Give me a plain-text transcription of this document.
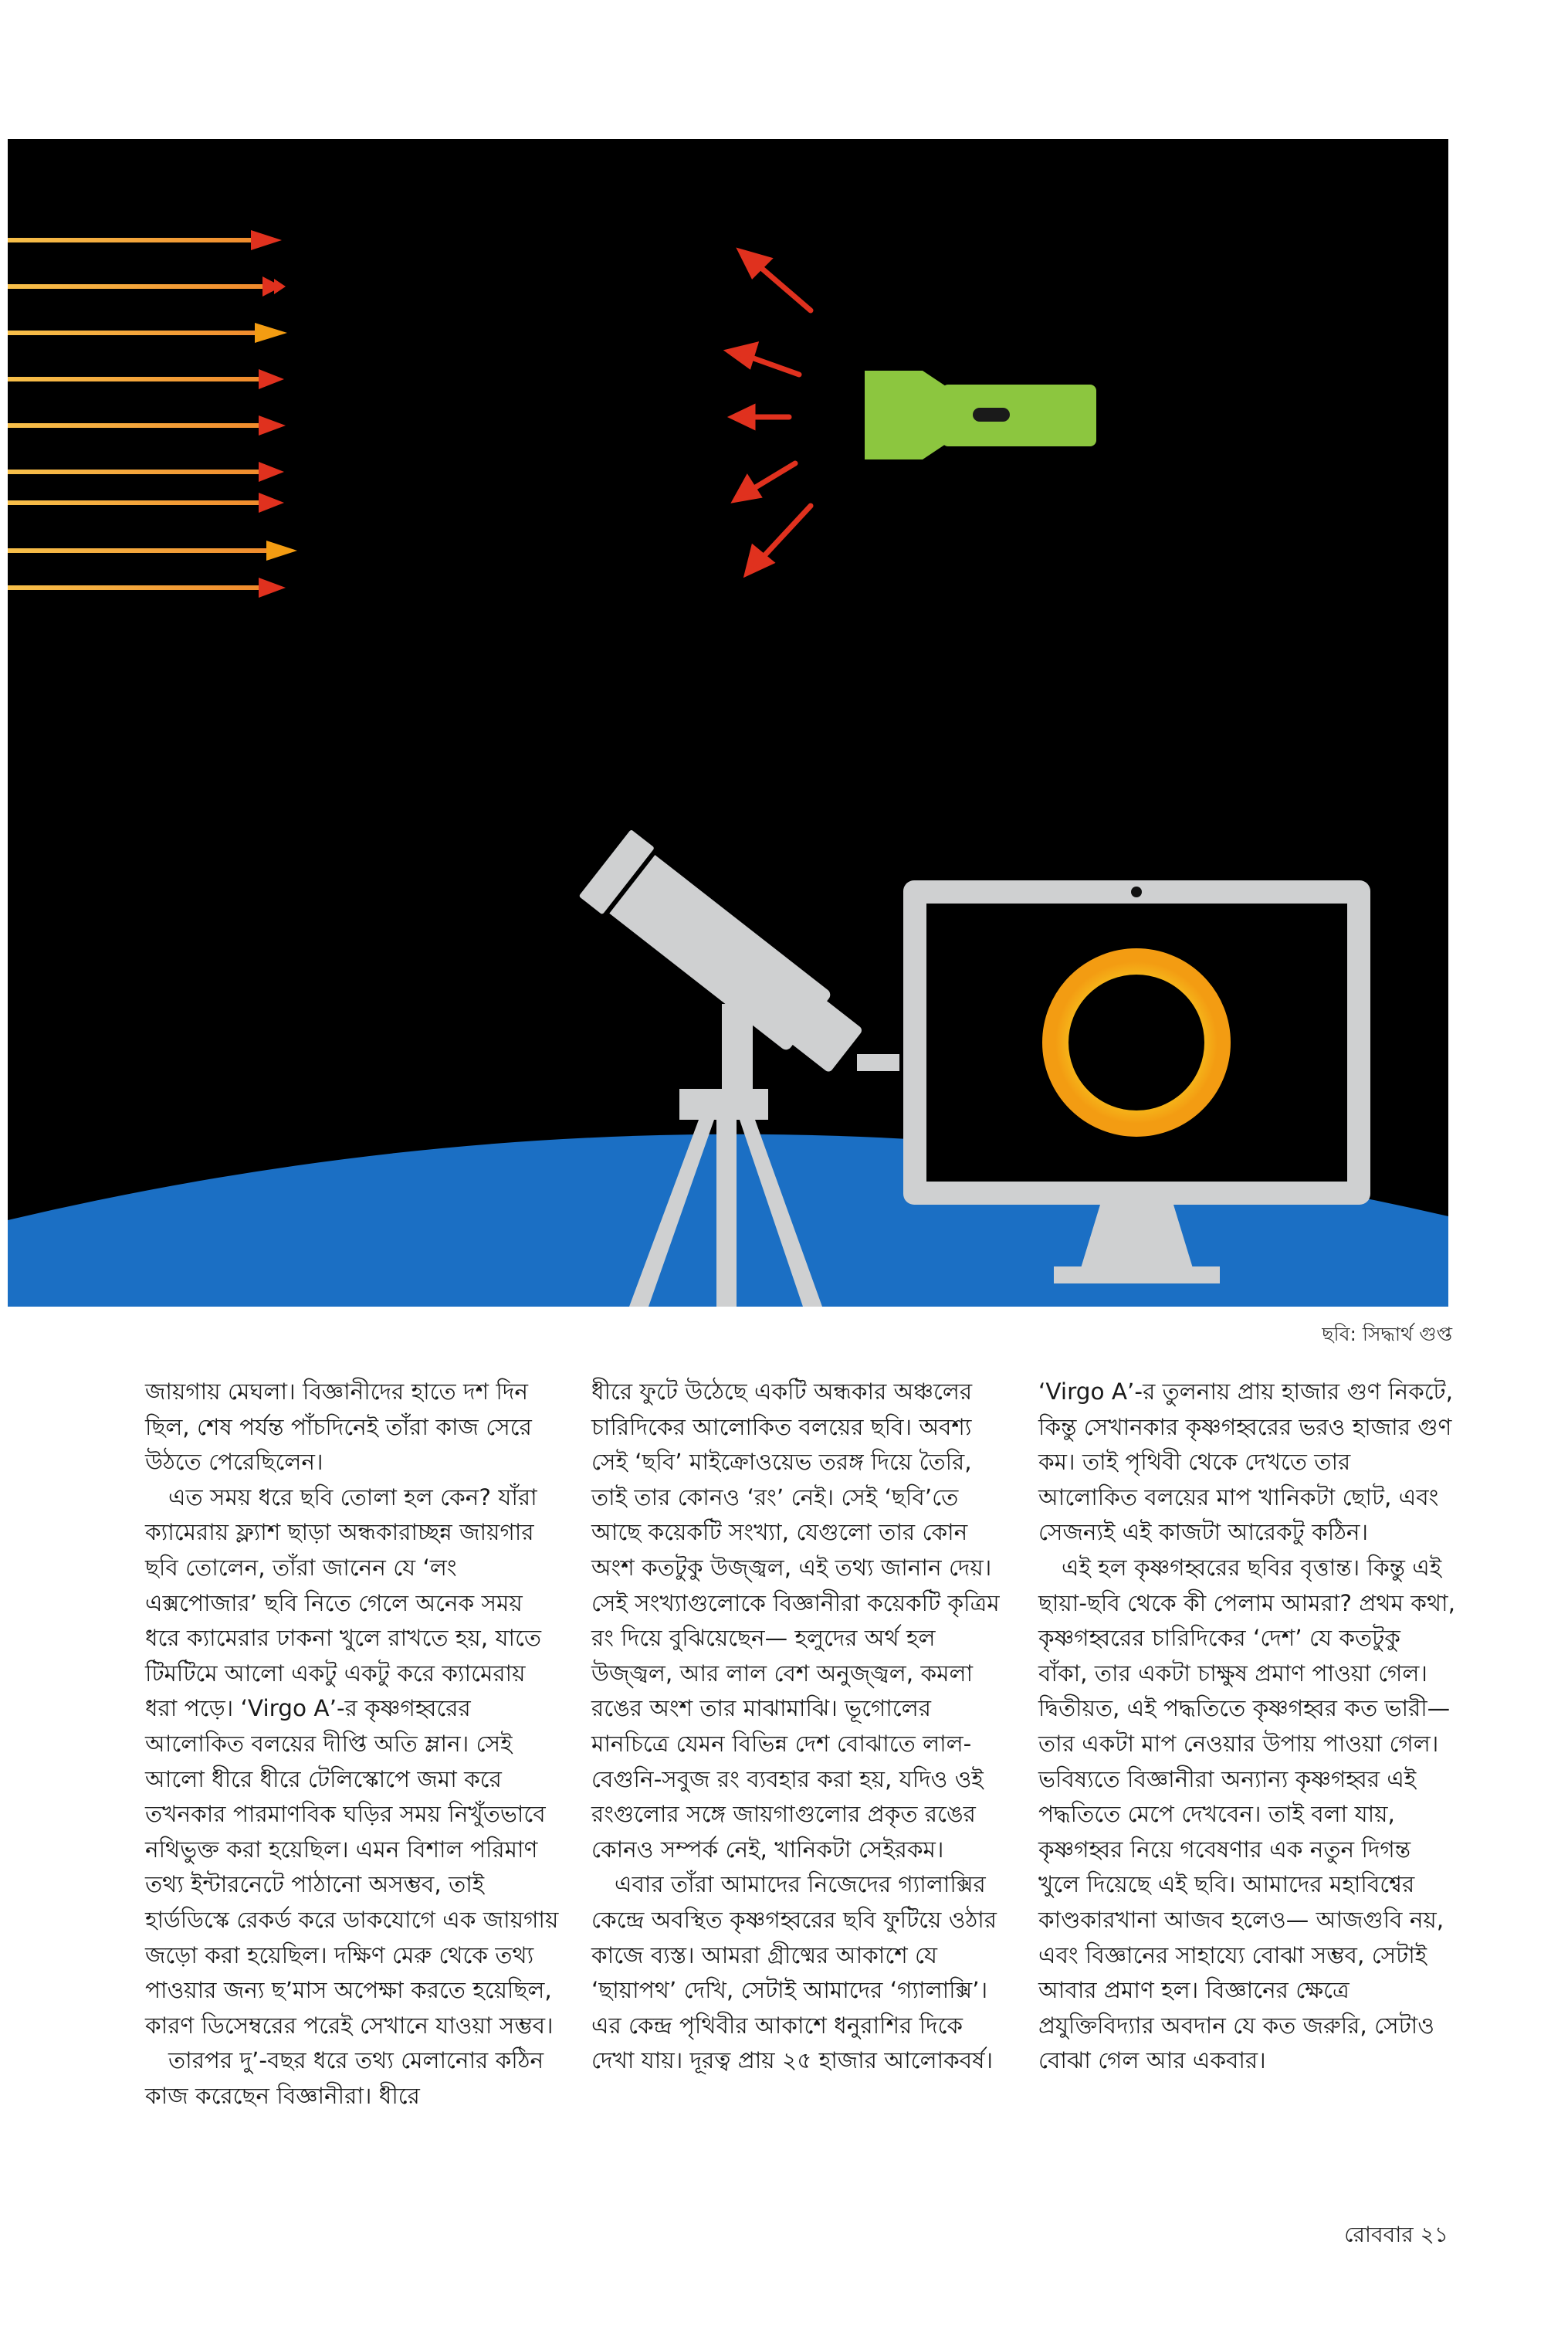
ছবি: সিদ্ধার্থ গুপ্ত

জায়গায় মেঘলা। বিজ্ঞানীদের হাতে দশ দিন ছিল, শেষ পর্যন্ত পাঁচদিনেই তাঁরা কাজ সেরে উঠতে পেরেছিলেন।

এত সময় ধরে ছবি তোলা হল কেন? যাঁরা ক্যামেরায় ফ্ল্যাশ ছাড়া অন্ধকারাচ্ছন্ন জায়গার ছবি তোলেন, তাঁরা জানেন যে ‘লং এক্সপোজার’ ছবি নিতে গেলে অনেক সময় ধরে ক্যামেরার ঢাকনা খুলে রাখতে হয়, যাতে টিমটিমে আলো একটু একটু করে ক্যামেরায় ধরা পড়ে। ‘Virgo A’-র কৃষ্ণগহ্বরের আলোকিত বলয়ের দীপ্তি অতি ম্লান। সেই আলো ধীরে ধীরে টেলিস্কোপে জমা করে তখনকার পারমাণবিক ঘড়ির সময় নিখুঁতভাবে নথিভুক্ত করা হয়েছিল। এমন বিশাল পরিমাণ তথ্য ইন্টারনেটে পাঠানো অসম্ভব, তাই হার্ডডিস্কে রেকর্ড করে ডাকযোগে এক জায়গায় জড়ো করা হয়েছিল। দক্ষিণ মেরু থেকে তথ্য পাওয়ার জন্য ছ’মাস অপেক্ষা করতে হয়েছিল, কারণ ডিসেম্বরের পরেই সেখানে যাওয়া সম্ভব।

তারপর দু’-বছর ধরে তথ্য মেলানোর কঠিন কাজ করেছেন বিজ্ঞানীরা। ধীরে

ধীরে ফুটে উঠেছে একটি অন্ধকার অঞ্চলের চারিদিকের আলোকিত বলয়ের ছবি। অবশ্য সেই ‘ছবি’ মাইক্রোওয়েভ তরঙ্গ দিয়ে তৈরি, তাই তার কোনও ‘রং’ নেই। সেই ‘ছবি’তে আছে কয়েকটি সংখ্যা, যেগুলো তার কোন অংশ কতটুকু উজ্জ্বল, এই তথ্য জানান দেয়। সেই সংখ্যাগুলোকে বিজ্ঞানীরা কয়েকটি কৃত্রিম রং দিয়ে বুঝিয়েছেন— হলুদের অর্থ হল উজ্জ্বল, আর লাল বেশ অনুজ্জ্বল, কমলা রঙের অংশ তার মাঝামাঝি। ভূগোলের মানচিত্রে যেমন বিভিন্ন দেশ বোঝাতে লাল-বেগুনি-সবুজ রং ব্যবহার করা হয়, যদিও ওই রংগুলোর সঙ্গে জায়গাগুলোর প্রকৃত রঙের কোনও সম্পর্ক নেই, খানিকটা সেইরকম।

এবার তাঁরা আমাদের নিজেদের গ্যালাক্সির কেন্দ্রে অবস্থিত কৃষ্ণগহ্বরের ছবি ফুটিয়ে ওঠার কাজে ব্যস্ত। আমরা গ্রীষ্মের আকাশে যে ‘ছায়াপথ’ দেখি, সেটাই আমাদের ‘গ্যালাক্সি’। এর কেন্দ্র পৃথিবীর আকাশে ধনুরাশির দিকে দেখা যায়। দূরত্ব প্রায় ২৫ হাজার আলোকবর্ষ।

‘Virgo A’-র তুলনায় প্রায় হাজার গুণ নিকটে, কিন্তু সেখানকার কৃষ্ণগহ্বরের ভরও হাজার গুণ কম। তাই পৃথিবী থেকে দেখতে তার আলোকিত বলয়ের মাপ খানিকটা ছোট, এবং সেজন্যই এই কাজটা আরেকটু কঠিন।

এই হল কৃষ্ণগহ্বরের ছবির বৃত্তান্ত। কিন্তু এই ছায়া-ছবি থেকে কী পেলাম আমরা? প্রথম কথা, কৃষ্ণগহ্বরের চারিদিকের ‘দেশ’ যে কতটুকু বাঁকা, তার একটা চাক্ষুষ প্রমাণ পাওয়া গেল। দ্বিতীয়ত, এই পদ্ধতিতে কৃষ্ণগহ্বর কত ভারী— তার একটা মাপ নেওয়ার উপায় পাওয়া গেল। ভবিষ্যতে বিজ্ঞানীরা অন্যান্য কৃষ্ণগহ্বর এই পদ্ধতিতে মেপে দেখবেন। তাই বলা যায়, কৃষ্ণগহ্বর নিয়ে গবেষণার এক নতুন দিগন্ত খুলে দিয়েছে এই ছবি। আমাদের মহাবিশ্বের কাণ্ডকারখানা আজব হলেও— আজগুবি নয়, এবং বিজ্ঞানের সাহায্যে বোঝা সম্ভব, সেটাই আবার প্রমাণ হল। বিজ্ঞানের ক্ষেত্রে প্রযুক্তিবিদ্যার অবদান যে কত জরুরি, সেটাও বোঝা গেল আর একবার।

রোববার ২১
